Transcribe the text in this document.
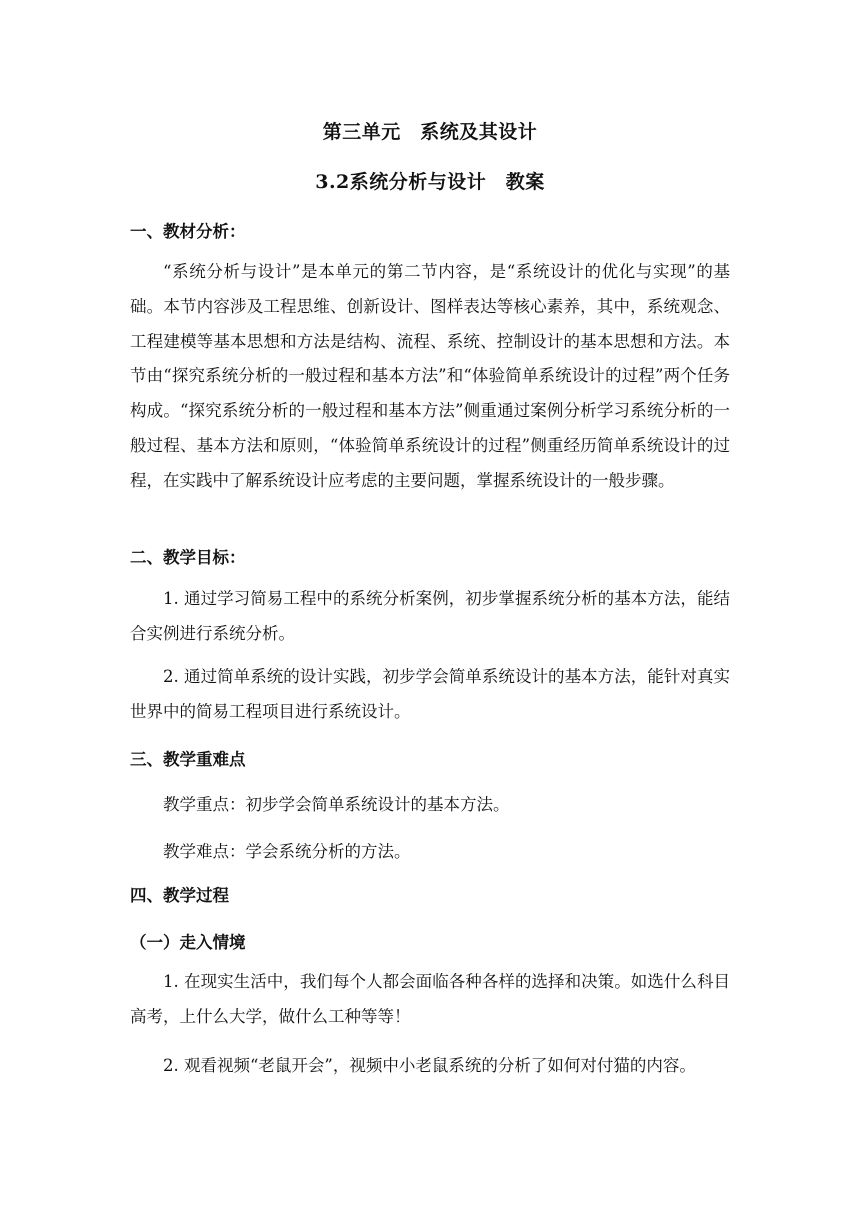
第三单元　系统及其设计
3.2系统分析与设计　教案
一、教材分析：
“系统分析与设计”是本单元的第二节内容，是“系统设计的优化与实现”的基础。本节内容涉及工程思维、创新设计、图样表达等核心素养，其中，系统观念、工程建模等基本思想和方法是结构、流程、系统、控制设计的基本思想和方法。本节由“探究系统分析的一般过程和基本方法”和“体验简单系统设计的过程”两个任务构成。“探究系统分析的一般过程和基本方法”侧重通过案例分析学习系统分析的一般过程、基本方法和原则，“体验简单系统设计的过程”侧重经历简单系统设计的过程，在实践中了解系统设计应考虑的主要问题，掌握系统设计的一般步骤。
二、教学目标：
1. 通过学习简易工程中的系统分析案例，初步掌握系统分析的基本方法，能结合实例进行系统分析。
2. 通过简单系统的设计实践，初步学会简单系统设计的基本方法，能针对真实世界中的简易工程项目进行系统设计。
三、教学重难点
教学重点：初步学会简单系统设计的基本方法。
教学难点：学会系统分析的方法。
四、教学过程
（一）走入情境
1. 在现实生活中，我们每个人都会面临各种各样的选择和决策。如选什么科目高考，上什么大学，做什么工种等等！
2. 观看视频“老鼠开会”，视频中小老鼠系统的分析了如何对付猫的内容。
